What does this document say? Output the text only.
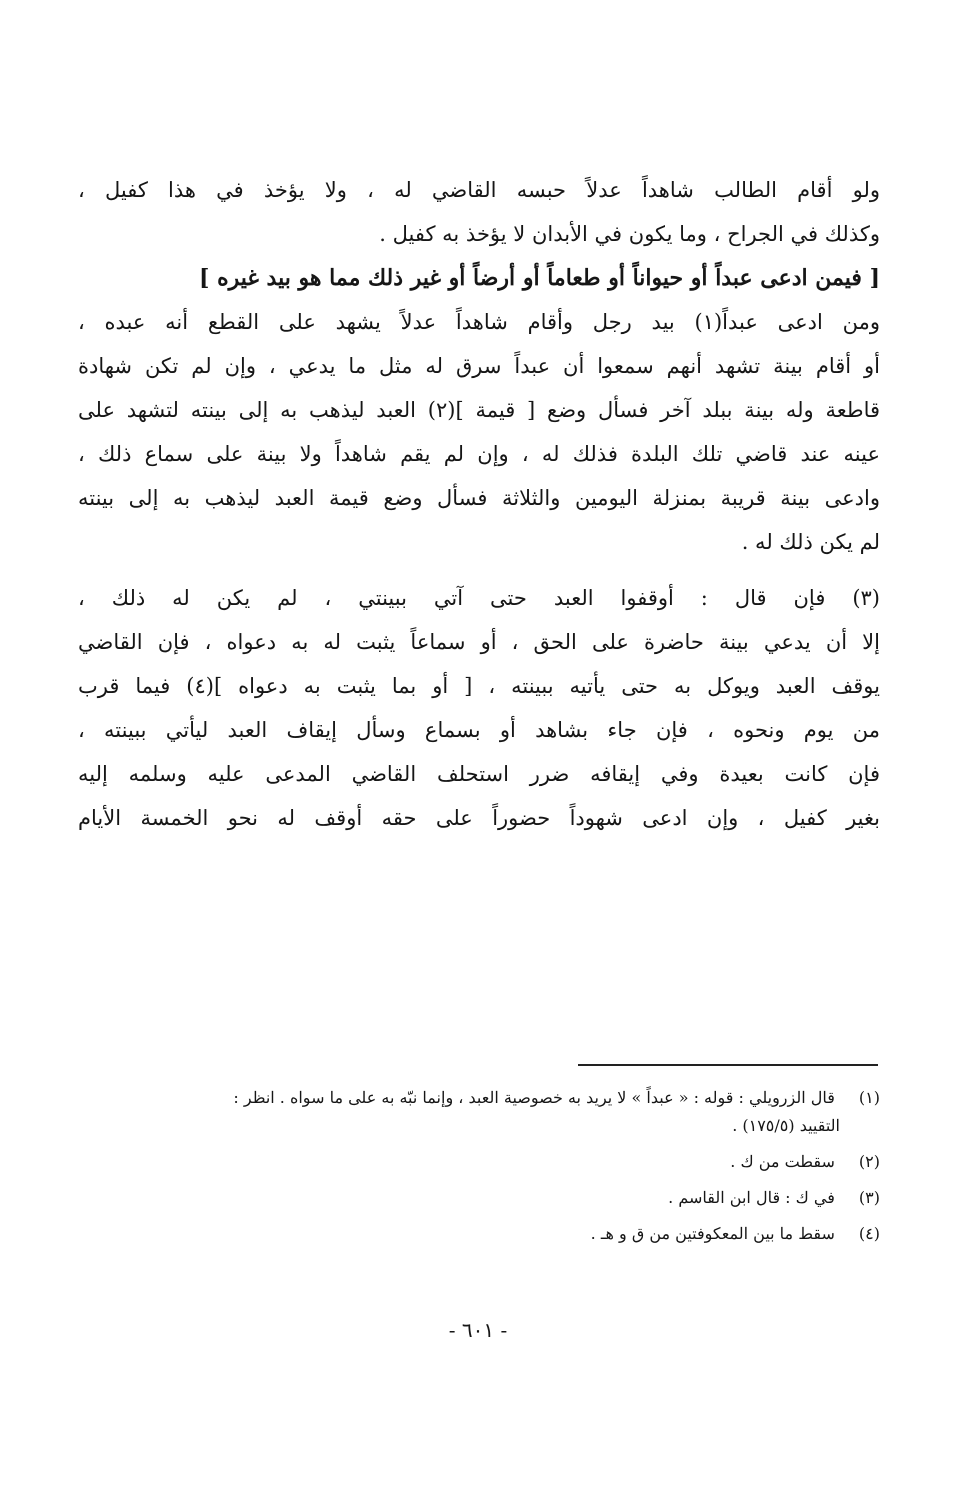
ولو أقام الطالب شاهداً عدلاً حبسه القاضي له ، ولا يؤخذ في هذا كفيل ،
وكذلك في الجراح ، وما يكون في الأبدان لا يؤخذ به كفيل .

[ فيمن ادعى عبداً أو حيواناً أو طعاماً أو أرضاً أو غير ذلك مما هو بيد غيره ]

ومن ادعى عبداً(١) بيد رجل وأقام شاهداً عدلاً يشهد على القطع أنه عبده ،
أو أقام بينة تشهد أنهم سمعوا أن عبداً سرق له مثل ما يدعي ، وإن لم تكن شهادة
قاطعة وله بينة ببلد آخر فسأل وضع [ قيمة ](٢) العبد ليذهب به إلى بينته لتشهد على
عينه عند قاضي تلك البلدة فذلك له ، وإن لم يقم شاهداً ولا بينة على سماع ذلك ،
وادعى بينة قريبة بمنزلة اليومين والثلاثة فسأل وضع قيمة العبد ليذهب به إلى بينته
لم يكن ذلك له .

(٣) فإن قال : أوقفوا العبد حتى آتي ببينتي ، لم يكن له ذلك ،
إلا أن يدعي بينة حاضرة على الحق ، أو سماعاً يثبت له به دعواه ، فإن القاضي
يوقف العبد ويوكل به حتى يأتيه ببينته ، [ أو بما يثبت به دعواه ](٤) فيما قرب
من يوم ونحوه ، فإن جاء بشاهد أو بسماع وسأل إيقاف العبد ليأتي ببينته ،
فإن كانت بعيدة وفي إيقافه ضرر استحلف القاضي المدعى عليه وسلمه إليه
بغير كفيل ، وإن ادعى شهوداً حضوراً على حقه أوقف له نحو الخمسة الأيام

(١) قال الزرويلي : قوله : « عبداً » لا يريد به خصوصية العبد ، وإنما نبّه به على ما سواه . انظر :
التقييد (١٧٥/٥) .
(٢) سقطت من ك .
(٣) في ك : قال ابن القاسم .
(٤) سقط ما بين المعكوفتين من ق و هـ .
- ٦٠١ -
